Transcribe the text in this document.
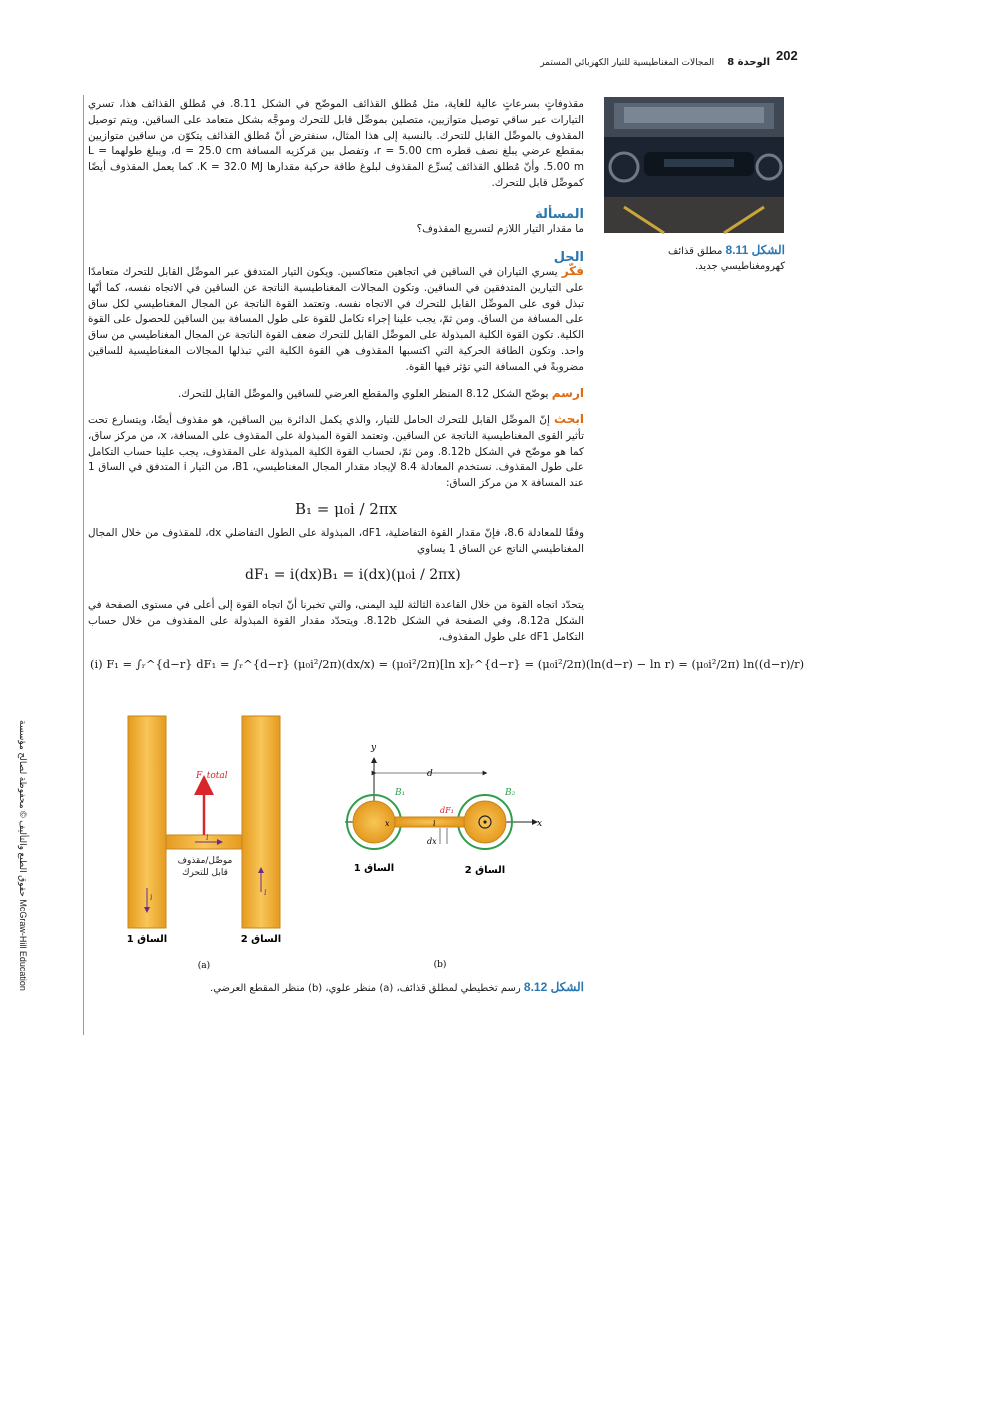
202
الوحدة 8   المجالات المغناطيسية للتيار الكهربائي المستمر
حقوق الطبع والتأليف © محفوظة لصالح مؤسسة McGraw-Hill Education
الشكل 8.11 مطلق قذائف كهرومغناطيسي جديد.
مقذوفاتٍ بسرعاتٍ عالية للغاية، مثل مُطلق القذائف الموضّح في الشكل 8.11. في مُطلق القذائف هذا، تسري التيارات عبر ساقي توصيل متوازيين، متصلين بموصِّل قابل للتحرك وموجَّه بشكل متعامد على الساقين. ويتم توصيل المقذوف بالموصِّل القابل للتحرك. بالنسبة إلى هذا المثال، سنفترض أنّ مُطلق القذائف يتكوّن من ساقين متوازيين بمقطع عرضي يبلغ نصف قطره r = 5.00 cm، وتفصل بين مَركزيه المسافة d = 25.0 cm، ويبلغ طولهما L = 5.00 m. وأنّ مُطلق القذائف يُسرِّع المقذوف لبلوغ طاقة حركية مقدارها K = 32.0 MJ. كما يعمل المقذوف أيضًا كموصِّل قابل للتحرك.
المسألة
ما مقدار التيار اللازم لتسريع المقذوف؟
الحل
فكّر يسري التياران في الساقين في اتجاهين متعاكسين. ويكون التيار المتدفق عبر الموصِّل القابل للتحرك متعامدًا على التيارين المتدفقين في الساقين. وتكون المجالات المغناطيسية الناتجة عن الساقين في الاتجاه نفسه، كما أنّها تبذل قوى على الموصِّل القابل للتحرك في الاتجاه نفسه. وتعتمد القوة الناتجة عن المجال المغناطيسي لكل ساق على المسافة من الساق. ومن ثمّ، يجب علينا إجراء تكامل للقوة على طول المسافة بين الساقين للحصول على القوة الكلية. تكون القوة الكلية المبذولة على الموصِّل القابل للتحرك ضعف القوة الناتجة عن المجال المغناطيسي من ساق واحد. وتكون الطاقة الحركية التي اكتسبها المقذوف هي القوة الكلية التي تبذلها المجالات المغناطيسية للساقين مضروبةً في المسافة التي تؤثر فيها القوة.
ارسم يوضّح الشكل 8.12 المنظر العلوي والمقطع العرضي للساقين والموصِّل القابل للتحرك.
ابحث إنّ الموصِّل القابل للتحرك الحامل للتيار، والذي يكمل الدائرة بين الساقين، هو مقذوف أيضًا، ويتسارع تحت تأثير القوى المغناطيسية الناتجة عن الساقين. وتعتمد القوة المبذولة على المقذوف على المسافة، x، من مركز ساق، كما هو موضّح في الشكل 8.12b. ومن ثمّ، لحساب القوة الكلية المبذولة على المقذوف، يجب علينا حساب التكامل على طول المقذوف. نستخدم المعادلة 8.4 لإيجاد مقدار المجال المغناطيسي، B1، من التيار i المتدفق في الساق 1 عند المسافة x من مركز الساق:
B₁ = μ₀i / 2πx
وفقًا للمعادلة 8.6، فإنّ مقدار القوة التفاضلية، dF1، المبذولة على الطول التفاضلي dx، للمقذوف من خلال المجال المغناطيسي الناتج عن الساق 1 يساوي
dF₁ = i(dx)B₁ = i(dx)(μ₀i / 2πx)
يتحدّد اتجاه القوة من خلال القاعدة الثالثة لليد اليمنى، والتي تخبرنا أنّ اتجاه القوة إلى أعلى في مستوى الصفحة في الشكل 8.12a، وفي الصفحة في الشكل 8.12b. ويتحدّد مقدار القوة المبذولة على المقذوف من خلال حساب التكامل dF1 على طول المقذوف،
(i) F₁ = ∫ᵣ^{d−r} dF₁ = ∫ᵣ^{d−r} (μ₀i²/2π)(dx/x) = (μ₀i²/2π)[ln x]ᵣ^{d−r} = (μ₀i²/2π)(ln(d−r) − ln r) = (μ₀i²/2π) ln((d−r)/r)
F_total
i
i
i
الساق 1	الساق 2
(a)
موصِّل/مقذوف قابل للتحرك
y
x
d
B₁	B₂
dF₁
i
x
dx
الساق 1	الساق 2
(b)
الشكل 8.12 رسم تخطيطي لمطلق قذائف، (a) منظر علوي، (b) منظر المقطع العرضي.
